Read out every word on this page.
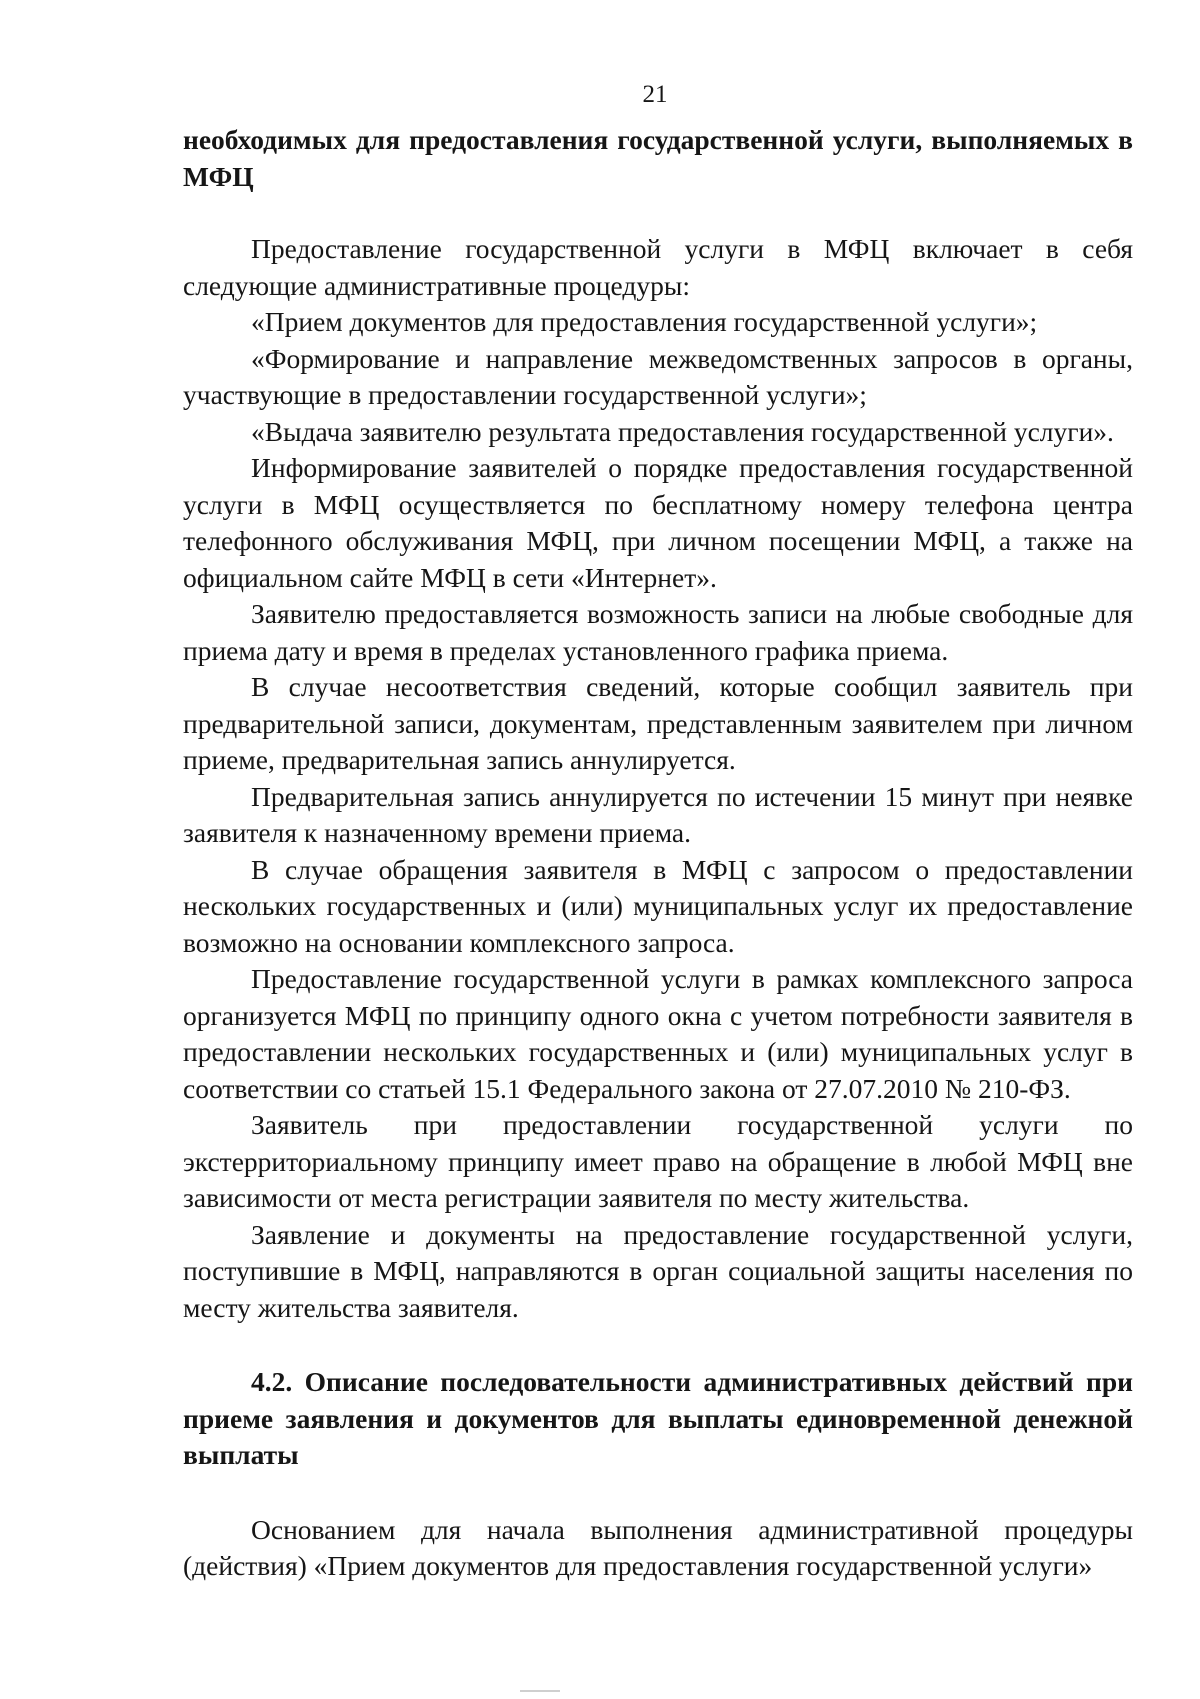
21

необходимых для предоставления государственной услуги, выполняемых в МФЦ

Предоставление государственной услуги в МФЦ включает в себя следующие административные процедуры:

«Прием документов для предоставления государственной услуги»;

«Формирование и направление межведомственных запросов в органы, участвующие в предоставлении государственной услуги»;

«Выдача заявителю результата предоставления государственной услуги».

Информирование заявителей о порядке предоставления государственной услуги в МФЦ осуществляется по бесплатному номеру телефона центра телефонного обслуживания МФЦ, при личном посещении МФЦ, а также на официальном сайте МФЦ в сети «Интернет».

Заявителю предоставляется возможность записи на любые свободные для приема дату и время в пределах установленного графика приема.

В случае несоответствия сведений, которые сообщил заявитель при предварительной записи, документам, представленным заявителем при личном приеме, предварительная запись аннулируется.

Предварительная запись аннулируется по истечении 15 минут при неявке заявителя к назначенному времени приема.

В случае обращения заявителя в МФЦ с запросом о предоставлении нескольких государственных и (или) муниципальных услуг их предоставление возможно на основании комплексного запроса.

Предоставление государственной услуги в рамках комплексного запроса организуется МФЦ по принципу одного окна с учетом потребности заявителя в предоставлении нескольких государственных и (или) муниципальных услуг в соответствии со статьей 15.1 Федерального закона от 27.07.2010 № 210-ФЗ.

Заявитель при предоставлении государственной услуги по экстерриториальному принципу имеет право на обращение в любой МФЦ вне зависимости от места регистрации заявителя по месту жительства.

Заявление и документы на предоставление государственной услуги, поступившие в МФЦ, направляются в орган социальной защиты населения по месту жительства заявителя.

4.2. Описание последовательности административных действий при приеме заявления и документов для выплаты единовременной денежной выплаты

Основанием для начала выполнения административной процедуры (действия) «Прием документов для предоставления государственной услуги»
